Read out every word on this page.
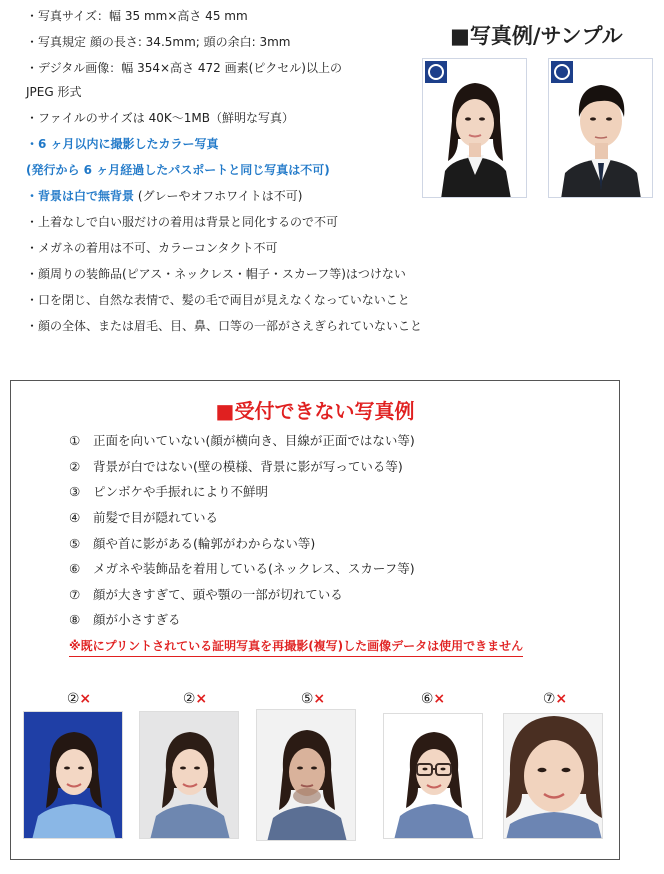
・写真サイズ：幅 35 mm×高さ 45 mm
・写真規定 顔の長さ: 34.5mm; 頭の余白: 3mm
・デジタル画像：幅 354×高さ 472 画素(ピクセル)以上の
JPEG 形式
・ファイルのサイズは 40K～1MB（鮮明な写真）
・6 ヶ月以内に撮影したカラー写真
(発行から 6 ヶ月経過したパスポートと同じ写真は不可)
・背景は白で無背景 (グレーやオフホワイトは不可)
・上着なしで白い服だけの着用は背景と同化するので不可
・メガネの着用は不可、カラーコンタクト不可
・顔周りの装飾品(ピアス・ネックレス・帽子・スカーフ等)はつけない
・口を閉じ、自然な表情で、髪の毛で両目が見えなくなっていないこと
・顔の全体、または眉毛、目、鼻、口等の一部がさえぎられていないこと
■写真例/サンプル
■受付できない写真例
① 正面を向いていない(顔が横向き、目線が正面ではない等)
② 背景が白ではない(壁の模様、背景に影が写っている等)
③ ピンボケや手振れにより不鮮明
④ 前髪で目が隠れている
⑤ 顔や首に影がある(輪郭がわからない等)
⑥ メガネや装飾品を着用している(ネックレス、スカーフ等)
⑦ 顔が大きすぎて、頭や顎の一部が切れている
⑧ 顔が小さすぎる
※既にプリントされている証明写真を再撮影(複写)した画像データは使用できません
②×	②×	⑤×	⑥×	⑦×
